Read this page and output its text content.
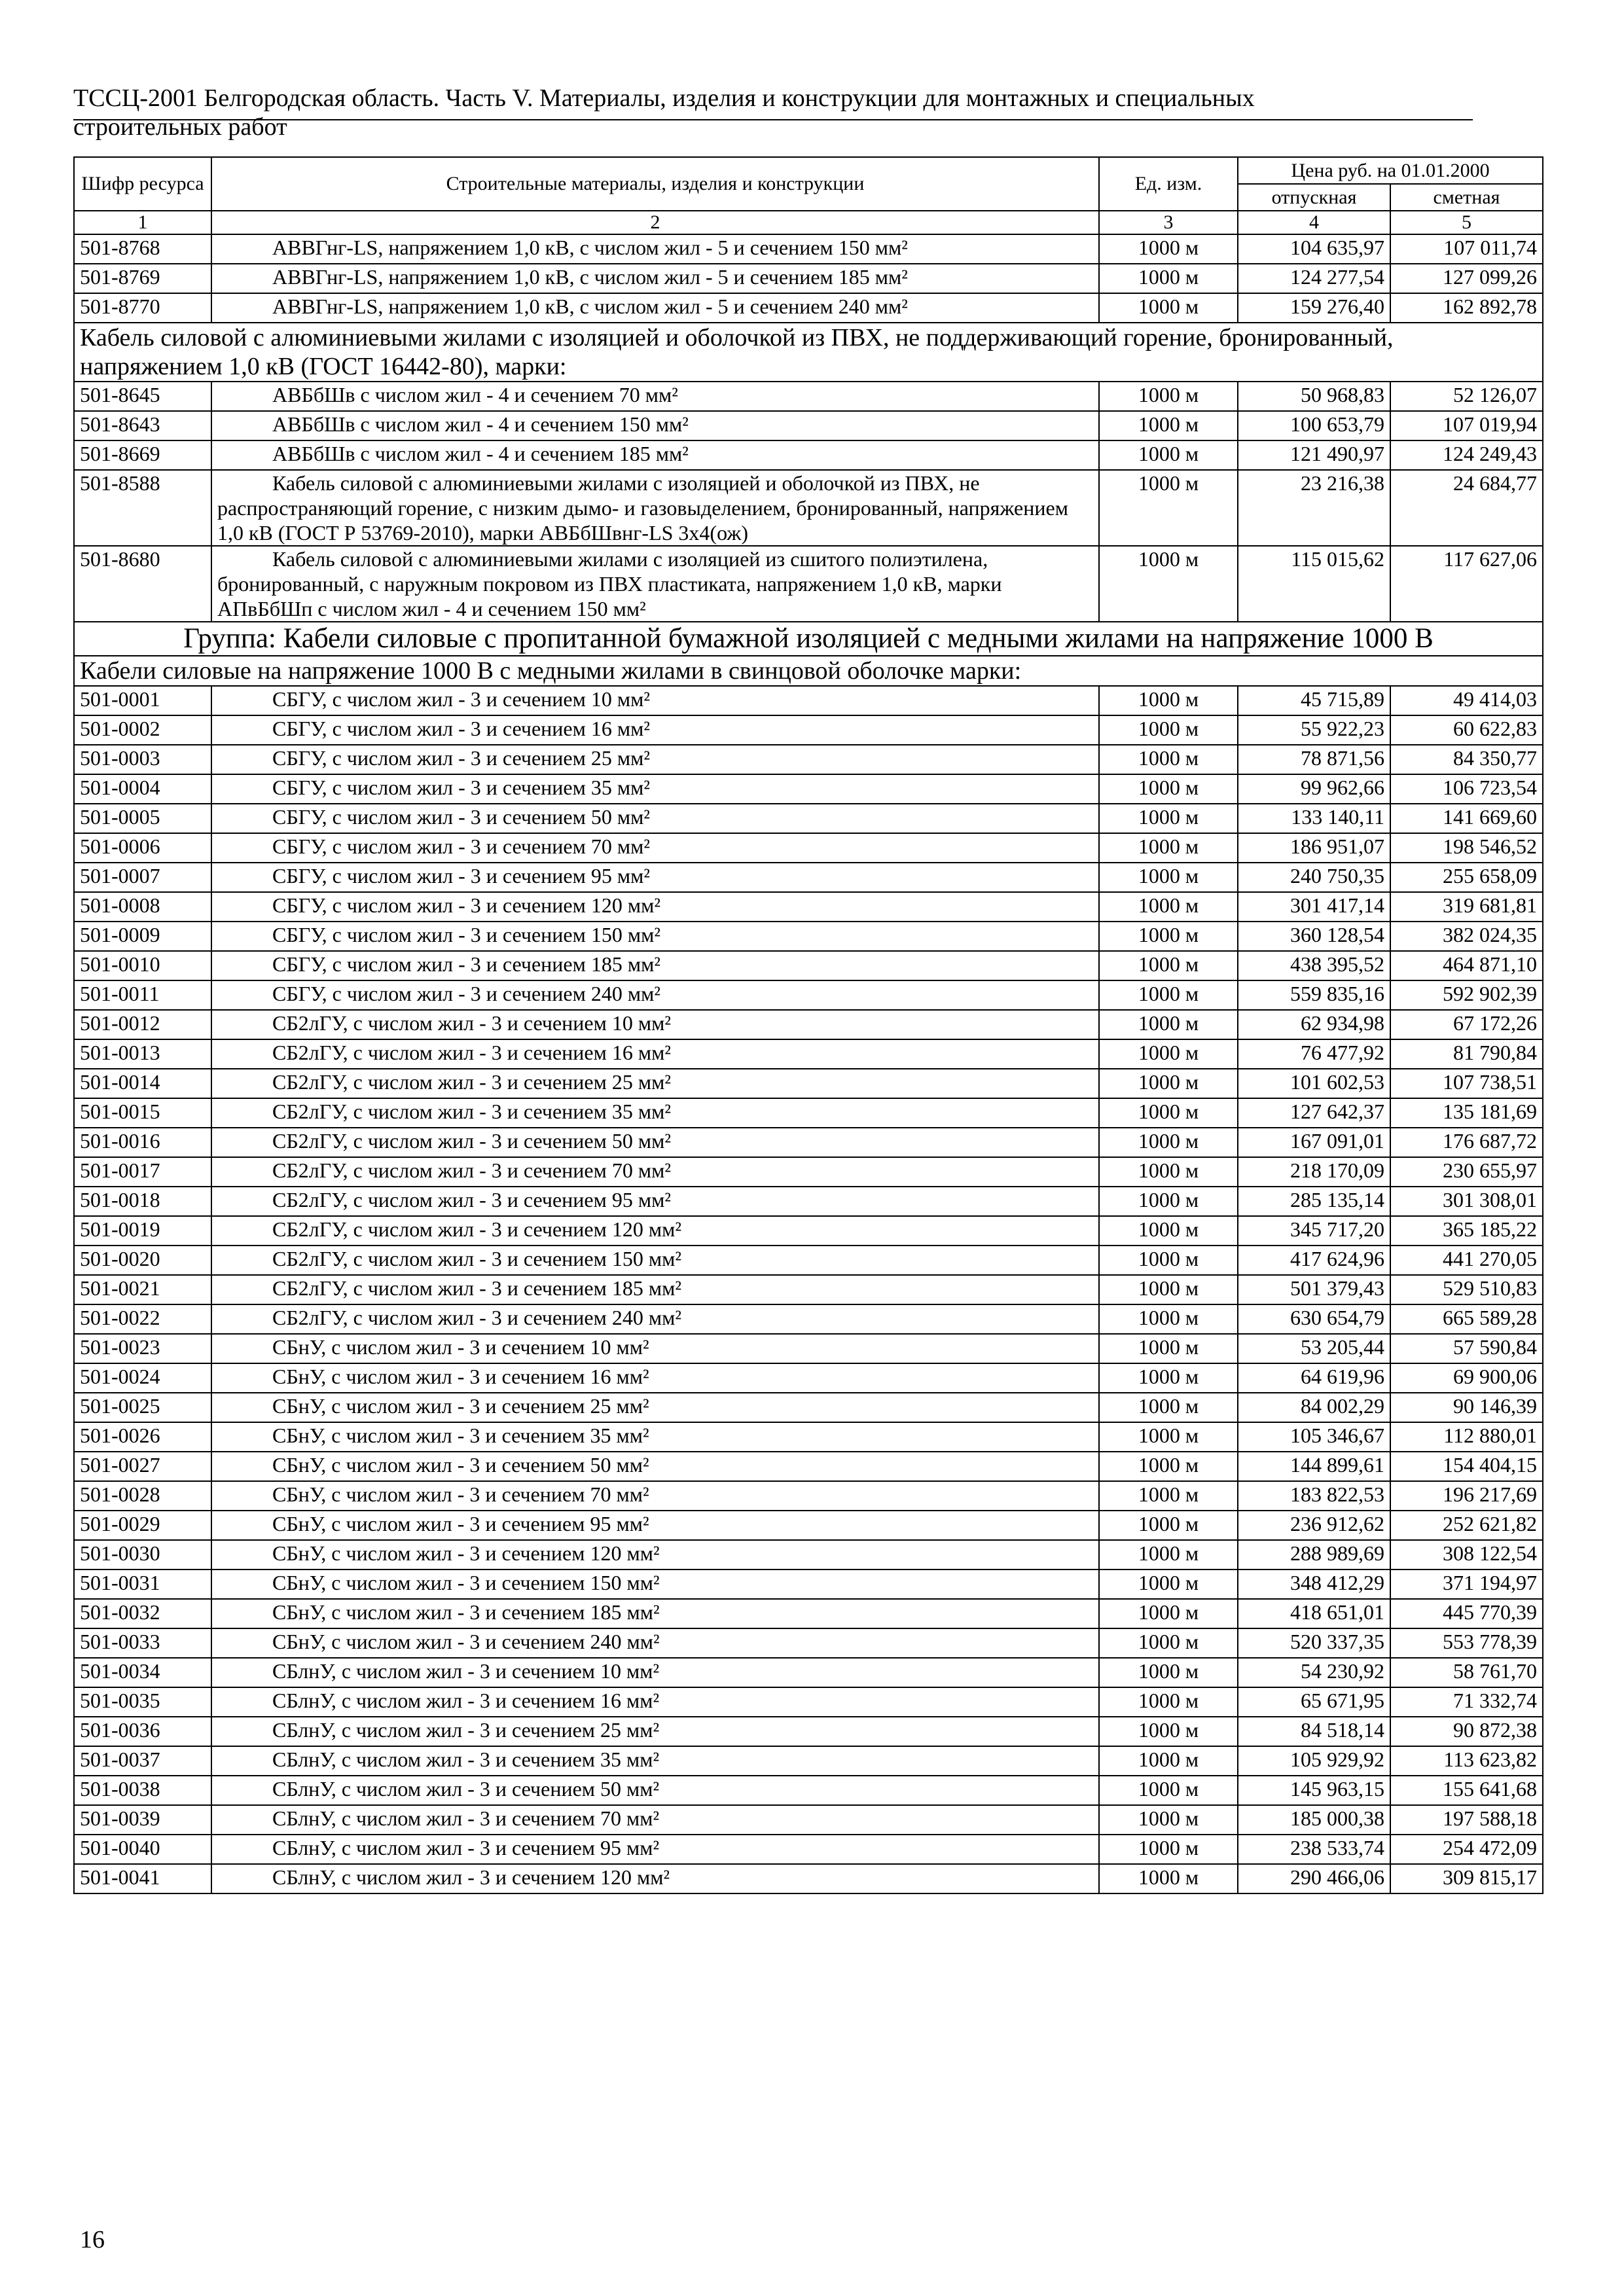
ТССЦ-2001 Белгородская область. Часть V. Материалы, изделия и конструкции для монтажных и специальных
строительных работ
Шифр ресурса	Строительные материалы, изделия и конструкции	Ед. изм.	Цена руб. на 01.01.2000	
			отпускная	сметная
1	2	3	4	5
501-8768	АВВГнг-LS, напряжением 1,0 кВ, с числом жил - 5 и сечением 150 мм²	1000 м	104 635,97	107 011,74
501-8769	АВВГнг-LS, напряжением 1,0 кВ, с числом жил - 5 и сечением 185 мм²	1000 м	124 277,54	127 099,26
501-8770	АВВГнг-LS, напряжением 1,0 кВ, с числом жил - 5 и сечением 240 мм²	1000 м	159 276,40	162 892,78
Кабель силовой с алюминиевыми жилами с изоляцией и оболочкой из ПВХ, не поддерживающий горение, бронированный, напряжением 1,0 кВ (ГОСТ 16442-80), марки:				
501-8645	АВБбШв с числом жил - 4 и сечением 70 мм²	1000 м	50 968,83	52 126,07
501-8643	АВБбШв с числом жил - 4 и сечением 150 мм²	1000 м	100 653,79	107 019,94
501-8669	АВБбШв с числом жил - 4 и сечением 185 мм²	1000 м	121 490,97	124 249,43
501-8588	Кабель силовой с алюминиевыми жилами с изоляцией и оболочкой из ПВХ, не распространяющий горение, с низким дымо- и газовыделением, бронированный, напряжением 1,0 кВ (ГОСТ Р 53769-2010), марки АВБбШвнг-LS 3х4(ож)	1000 м	23 216,38	24 684,77
501-8680	Кабель силовой с алюминиевыми жилами с изоляцией из сшитого полиэтилена, бронированный, с наружным покровом из ПВХ пластиката, напряжением 1,0 кВ, марки АПвБбШп с числом жил - 4 и сечением 150 мм²	1000 м	115 015,62	117 627,06
Группа: Кабели силовые с пропитанной бумажной изоляцией с медными жилами на напряжение 1000 В				
Кабели силовые на напряжение 1000 В с медными жилами в свинцовой оболочке марки:				
501-0001	СБГУ, с числом жил - 3 и сечением 10 мм²	1000 м	45 715,89	49 414,03
501-0002	СБГУ, с числом жил - 3 и сечением 16 мм²	1000 м	55 922,23	60 622,83
501-0003	СБГУ, с числом жил - 3 и сечением 25 мм²	1000 м	78 871,56	84 350,77
501-0004	СБГУ, с числом жил - 3 и сечением 35 мм²	1000 м	99 962,66	106 723,54
501-0005	СБГУ, с числом жил - 3 и сечением 50 мм²	1000 м	133 140,11	141 669,60
501-0006	СБГУ, с числом жил - 3 и сечением 70 мм²	1000 м	186 951,07	198 546,52
501-0007	СБГУ, с числом жил - 3 и сечением 95 мм²	1000 м	240 750,35	255 658,09
501-0008	СБГУ, с числом жил - 3 и сечением 120 мм²	1000 м	301 417,14	319 681,81
501-0009	СБГУ, с числом жил - 3 и сечением 150 мм²	1000 м	360 128,54	382 024,35
501-0010	СБГУ, с числом жил - 3 и сечением 185 мм²	1000 м	438 395,52	464 871,10
501-0011	СБГУ, с числом жил - 3 и сечением 240 мм²	1000 м	559 835,16	592 902,39
501-0012	СБ2лГУ, с числом жил - 3 и сечением 10 мм²	1000 м	62 934,98	67 172,26
501-0013	СБ2лГУ, с числом жил - 3 и сечением 16 мм²	1000 м	76 477,92	81 790,84
501-0014	СБ2лГУ, с числом жил - 3 и сечением 25 мм²	1000 м	101 602,53	107 738,51
501-0015	СБ2лГУ, с числом жил - 3 и сечением 35 мм²	1000 м	127 642,37	135 181,69
501-0016	СБ2лГУ, с числом жил - 3 и сечением 50 мм²	1000 м	167 091,01	176 687,72
501-0017	СБ2лГУ, с числом жил - 3 и сечением 70 мм²	1000 м	218 170,09	230 655,97
501-0018	СБ2лГУ, с числом жил - 3 и сечением 95 мм²	1000 м	285 135,14	301 308,01
501-0019	СБ2лГУ, с числом жил - 3 и сечением 120 мм²	1000 м	345 717,20	365 185,22
501-0020	СБ2лГУ, с числом жил - 3 и сечением 150 мм²	1000 м	417 624,96	441 270,05
501-0021	СБ2лГУ, с числом жил - 3 и сечением 185 мм²	1000 м	501 379,43	529 510,83
501-0022	СБ2лГУ, с числом жил - 3 и сечением 240 мм²	1000 м	630 654,79	665 589,28
501-0023	СБнУ, с числом жил - 3 и сечением 10 мм²	1000 м	53 205,44	57 590,84
501-0024	СБнУ, с числом жил - 3 и сечением 16 мм²	1000 м	64 619,96	69 900,06
501-0025	СБнУ, с числом жил - 3 и сечением 25 мм²	1000 м	84 002,29	90 146,39
501-0026	СБнУ, с числом жил - 3 и сечением 35 мм²	1000 м	105 346,67	112 880,01
501-0027	СБнУ, с числом жил - 3 и сечением 50 мм²	1000 м	144 899,61	154 404,15
501-0028	СБнУ, с числом жил - 3 и сечением 70 мм²	1000 м	183 822,53	196 217,69
501-0029	СБнУ, с числом жил - 3 и сечением 95 мм²	1000 м	236 912,62	252 621,82
501-0030	СБнУ, с числом жил - 3 и сечением 120 мм²	1000 м	288 989,69	308 122,54
501-0031	СБнУ, с числом жил - 3 и сечением 150 мм²	1000 м	348 412,29	371 194,97
501-0032	СБнУ, с числом жил - 3 и сечением 185 мм²	1000 м	418 651,01	445 770,39
501-0033	СБнУ, с числом жил - 3 и сечением 240 мм²	1000 м	520 337,35	553 778,39
501-0034	СБлнУ, с числом жил - 3 и сечением 10 мм²	1000 м	54 230,92	58 761,70
501-0035	СБлнУ, с числом жил - 3 и сечением 16 мм²	1000 м	65 671,95	71 332,74
501-0036	СБлнУ, с числом жил - 3 и сечением 25 мм²	1000 м	84 518,14	90 872,38
501-0037	СБлнУ, с числом жил - 3 и сечением 35 мм²	1000 м	105 929,92	113 623,82
501-0038	СБлнУ, с числом жил - 3 и сечением 50 мм²	1000 м	145 963,15	155 641,68
501-0039	СБлнУ, с числом жил - 3 и сечением 70 мм²	1000 м	185 000,38	197 588,18
501-0040	СБлнУ, с числом жил - 3 и сечением 95 мм²	1000 м	238 533,74	254 472,09
501-0041	СБлнУ, с числом жил - 3 и сечением 120 мм²	1000 м	290 466,06	309 815,17
16
